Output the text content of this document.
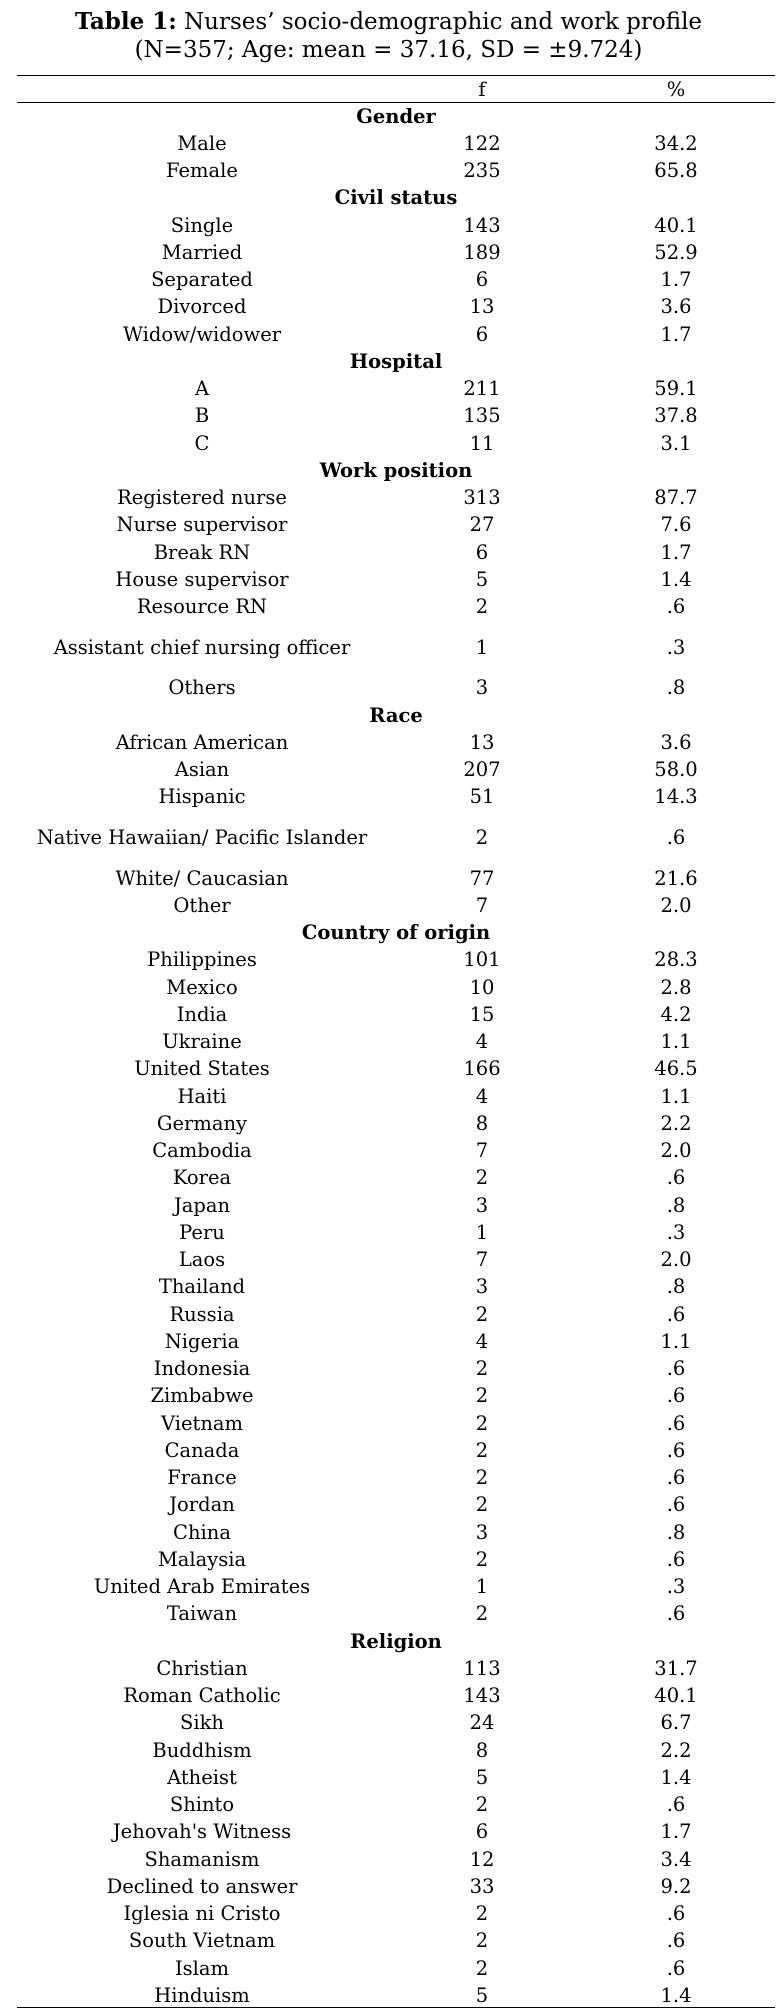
Table 1: Nurses’ socio-demographic and work profile
(N=357; Age: mean = 37.16, SD = ±9.724)
	f	%
Gender		
Male	122	34.2
Female	235	65.8
Civil status		
Single	143	40.1
Married	189	52.9
Separated	6	1.7
Divorced	13	3.6
Widow/widower	6	1.7
Hospital		
A	211	59.1
B	135	37.8
C	11	3.1
Work position		
Registered nurse	313	87.7
Nurse supervisor	27	7.6
Break RN	6	1.7
House supervisor	5	1.4
Resource RN	2	.6
Assistant chief nursing officer	1	.3
Others	3	.8
Race		
African American	13	3.6
Asian	207	58.0
Hispanic	51	14.3
Native Hawaiian/ Pacific Islander	2	.6
White/ Caucasian	77	21.6
Other	7	2.0
Country of origin		
Philippines	101	28.3
Mexico	10	2.8
India	15	4.2
Ukraine	4	1.1
United States	166	46.5
Haiti	4	1.1
Germany	8	2.2
Cambodia	7	2.0
Korea	2	.6
Japan	3	.8
Peru	1	.3
Laos	7	2.0
Thailand	3	.8
Russia	2	.6
Nigeria	4	1.1
Indonesia	2	.6
Zimbabwe	2	.6
Vietnam	2	.6
Canada	2	.6
France	2	.6
Jordan	2	.6
China	3	.8
Malaysia	2	.6
United Arab Emirates	1	.3
Taiwan	2	.6
Religion		
Christian	113	31.7
Roman Catholic	143	40.1
Sikh	24	6.7
Buddhism	8	2.2
Atheist	5	1.4
Shinto	2	.6
Jehovah's Witness	6	1.7
Shamanism	12	3.4
Declined to answer	33	9.2
Iglesia ni Cristo	2	.6
South Vietnam	2	.6
Islam	2	.6
Hinduism	5	1.4
